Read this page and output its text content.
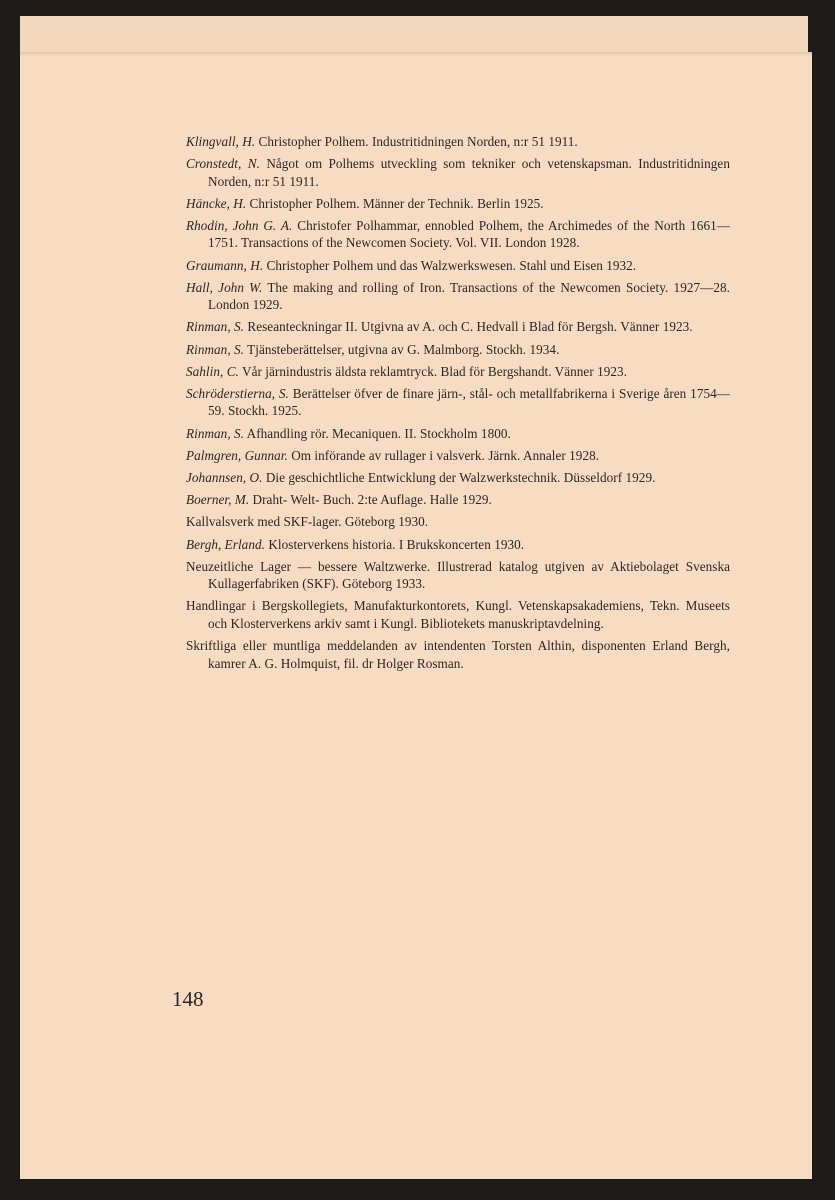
Klingvall, H. Christopher Polhem. Industritidningen Norden, n:r 51 1911.

Cronstedt, N. Något om Polhems utveckling som tekniker och vetenskapsman. Industritidningen Norden, n:r 51 1911.

Häncke, H. Christopher Polhem. Männer der Technik. Berlin 1925.

Rhodin, John G. A. Christofer Polhammar, ennobled Polhem, the Archimedes of the North 1661—1751. Transactions of the Newcomen Society. Vol. VII. London 1928.

Graumann, H. Christopher Polhem und das Walzwerkswesen. Stahl und Eisen 1932.

Hall, John W. The making and rolling of Iron. Transactions of the Newcomen Society. 1927—28. London 1929.

Rinman, S. Reseanteckningar II. Utgivna av A. och C. Hedvall i Blad för Bergsh. Vänner 1923.

Rinman, S. Tjänsteberättelser, utgivna av G. Malmborg. Stockh. 1934.

Sahlin, C. Vår järnindustris äldsta reklamtryck. Blad för Bergshandt. Vänner 1923.

Schröderstierna, S. Berättelser öfver de finare järn-, stål- och metallfabrikerna i Sverige åren 1754—59. Stockh. 1925.

Rinman, S. Afhandling rör. Mecaniquen. II. Stockholm 1800.

Palmgren, Gunnar. Om införande av rullager i valsverk. Järnk. Annaler 1928.

Johannsen, O. Die geschichtliche Entwicklung der Walzwerkstechnik. Düsseldorf 1929.

Boerner, M. Draht- Welt- Buch. 2:te Auflage. Halle 1929.

Kallvalsverk med SKF-lager. Göteborg 1930.

Bergh, Erland. Klosterverkens historia. I Brukskoncerten 1930.

Neuzeitliche Lager — bessere Waltzwerke. Illustrerad katalog utgiven av Aktiebolaget Svenska Kullagerfabriken (SKF). Göteborg 1933.

Handlingar i Bergskollegiets, Manufakturkontorets, Kungl. Vetenskapsakademiens, Tekn. Museets och Klosterverkens arkiv samt i Kungl. Bibliotekets manuskriptavdelning.

Skriftliga eller muntliga meddelanden av intendenten Torsten Althin, disponenten Erland Bergh, kamrer A. G. Holmquist, fil. dr Holger Rosman.

148
